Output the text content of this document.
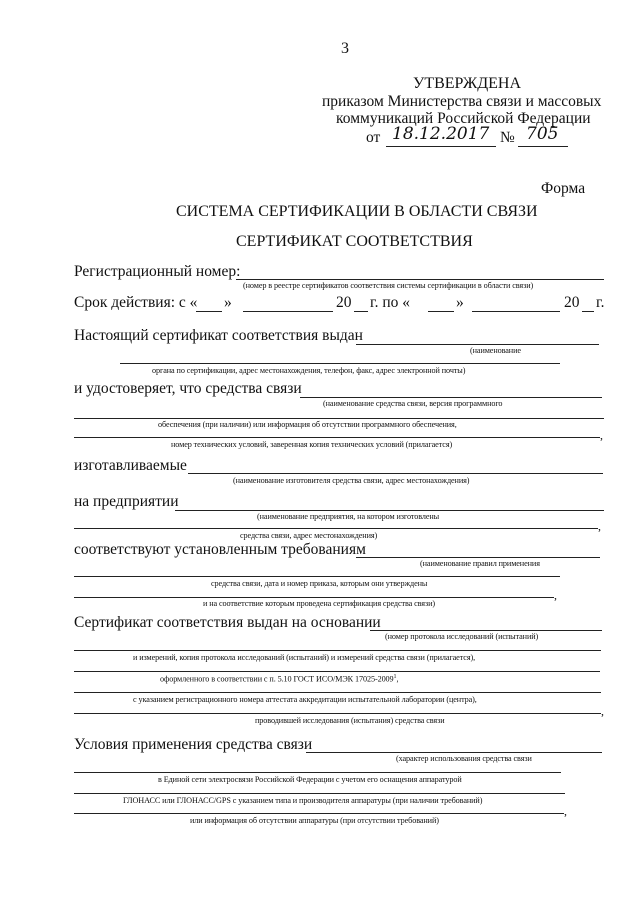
3
УТВЕРЖДЕНА
приказом Министерства связи и массовых
коммуникаций Российской Федерации
от 18.12.2017 № 705
Форма
СИСТЕМА СЕРТИФИКАЦИИ В ОБЛАСТИ СВЯЗИ
СЕРТИФИКАТ СООТВЕТСТВИЯ
Регистрационный номер:
(номер в реестре сертификатов соответствия системы сертификации в области связи)
Срок действия: с « »	20 г. по «	»	20 г.
Настоящий сертификат соответствия выдан
(наименование
органа по сертификации, адрес местонахождения, телефон, факс, адрес электронной почты)
и удостоверяет, что средства связи
(наименование средства связи, версия программного
обеспечения (при наличии) или информация об отсутствии программного обеспечения,
,
номер технических условий, заверенная копия технических условий (прилагается)
изготавливаемые
(наименование изготовителя средства связи, адрес местонахождения)
на предприятии
(наименование предприятия, на котором изготовлены
,
средства связи, адрес местонахождения)
соответствуют установленным требованиям
(наименование правил применения
средства связи, дата и номер приказа, которым они утверждены
,
и на соответствие которым проведена сертификация средства связи)
Сертификат соответствия выдан на основании
(номер протокола исследований (испытаний)
и измерений, копия протокола исследований (испытаний) и измерений средства связи (прилагается),
оформленного в соответствии с п. 5.10 ГОСТ ИСО/МЭК 17025-2009$^1$,
с указанием регистрационного номера аттестата аккредитации испытательной лаборатории (центра),
,
проводившей исследования (испытания) средства связи
Условия применения средства связи
(характер использования средства связи
в Единой сети электросвязи Российской Федерации с учетом его оснащения аппаратурой
ГЛОНАСС или ГЛОНАСС/GPS с указанием типа и производителя аппаратуры (при наличии требований)
,
или информация об отсутствии аппаратуры (при отсутствии требований)
